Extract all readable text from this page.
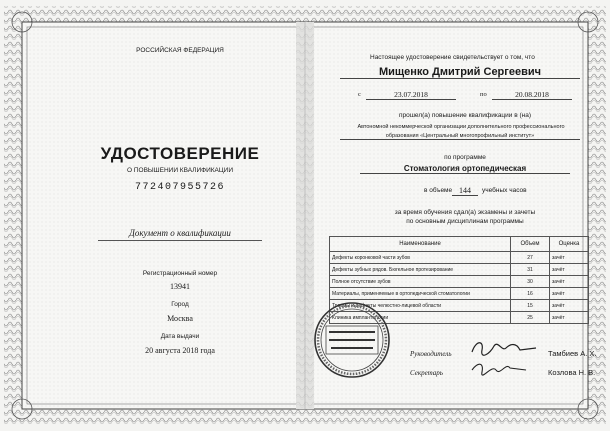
РОССИЙСКАЯ ФЕДЕРАЦИЯ
УДОСТОВЕРЕНИЕ
О ПОВЫШЕНИИ КВАЛИФИКАЦИИ
772407955726
Документ о квалификации
Регистрационный номер
13941
Город
Москва
Дата выдачи
20 августа 2018 года
Настоящее удостоверение свидетельствует о том, что
Мищенко Дмитрий Сергеевич
с	23.07.2018	по	20.08.2018
прошел(а) повышение квалификации в (на)
Автономной некоммерческой организации дополнительного профессионального
образования «Центральный многопрофильный институт»
по программе
Стоматология ортопедическая
в объеме 144	учебных часов
за время обучения сдал(а) экзамены и зачеты
по основным дисциплинам программы
Наименование	Объем	Оценка
Дефекты коронковой части зубов	27	зачёт
Дефекты зубных рядов. Бюгельное протезирование	31	зачёт
Полное отсутствие зубов	30	зачёт
Материалы, применяемые в ортопедической стоматологии	16	зачёт
Травмы и дефекты челюстно-лицевой области	15	зачёт
Клиника имплантологии	25	зачёт
Руководитель	Тамбиев А. Х.
Секретарь	Козлова Н. В.
